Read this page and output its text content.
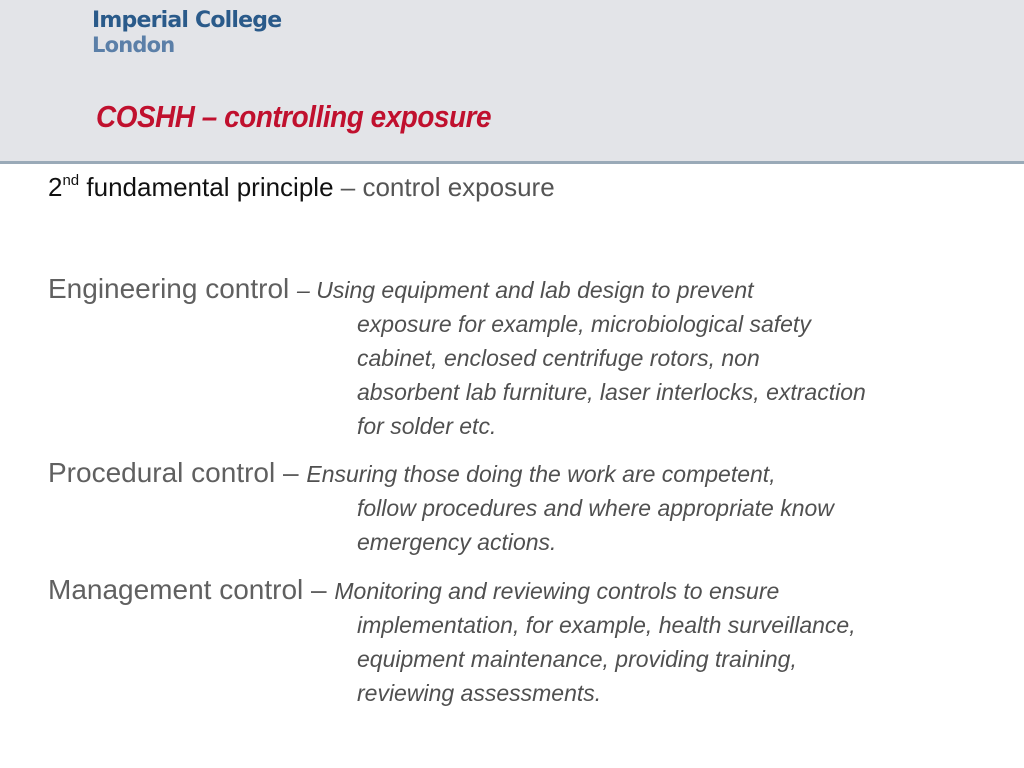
Imperial College
London
COSHH – controlling exposure
2nd fundamental principle – control exposure
Engineering control – Using equipment and lab design to prevent
exposure for example, microbiological safety
cabinet, enclosed centrifuge rotors, non
absorbent lab furniture, laser interlocks, extraction
for solder etc.
Procedural control – Ensuring those doing the work are competent,
follow procedures and where appropriate know
emergency actions.
Management control – Monitoring and reviewing controls to ensure
implementation, for example, health surveillance,
equipment maintenance, providing training,
reviewing assessments.
